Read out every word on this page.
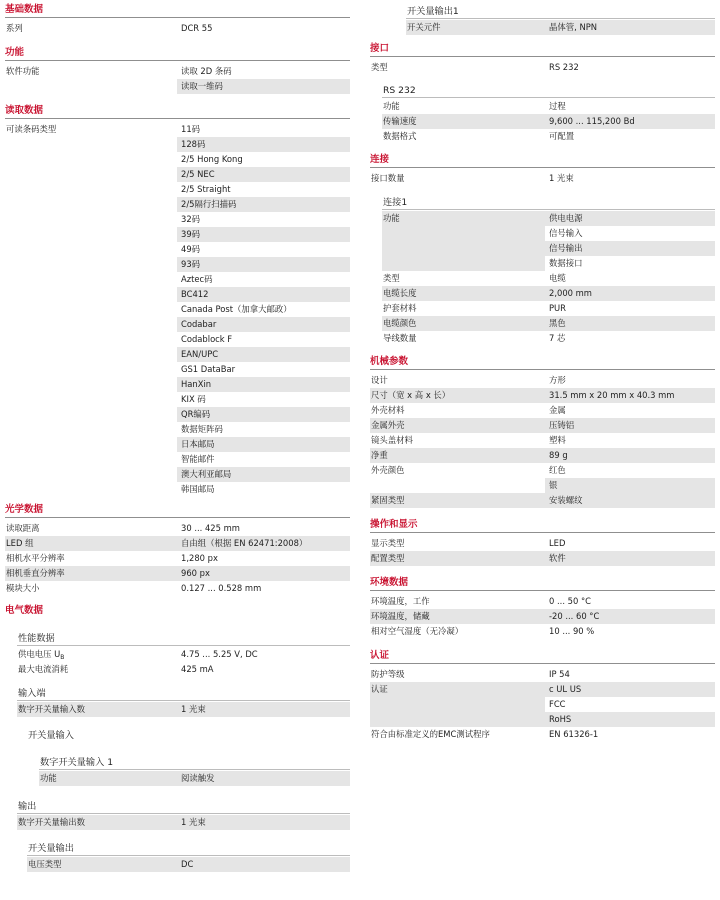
基础数据
系列	DCR 55
功能
软件功能	读取 2D 条码
读取一维码
读取数据
可读条码类型	11码
128码
2/5 Hong Kong
2/5 NEC
2/5 Straight
2/5隔行扫描码
32码
39码
49码
93码
Aztec码
BC412
Canada Post（加拿大邮政）
Codabar
Codablock F
EAN/UPC
GS1 DataBar
HanXin
KIX 码
QR编码
数据矩阵码
日本邮局
智能邮件
澳大利亚邮局
韩国邮局
光学数据
读取距离	30 ... 425 mm
LED 组	自由组（根据 EN 62471:2008）
相机水平分辨率	1,280 px
相机垂直分辨率	960 px
模块大小	0.127 ... 0.528 mm
电气数据
性能数据
供电电压 $U_B$	4.75 ... 5.25 V, DC
最大电流消耗	425 mA
输入端
数字开关量输入数	1 光束
开关量输入
数字开关量输入 1
功能	阅读触发
输出
数字开关量输出数	1 光束
开关量输出
电压类型	DC
开关量输出1
开关元件	晶体管, NPN
接口
类型	RS 232
RS 232
功能	过程
传输速度	9,600 ... 115,200 Bd
数据格式	可配置
连接
接口数量	1 光束
连接1
功能	供电电源
信号输入
信号输出
数据接口
类型	电缆
电缆长度	2,000 mm
护套材料	PUR
电缆颜色	黑色
导线数量	7 芯
机械参数
设计	方形
尺寸（宽 x 高 x 长）	31.5 mm x 20 mm x 40.3 mm
外壳材料	金属
金属外壳	压铸铝
镜头盖材料	塑料
净重	89 g
外壳颜色	红色
银
紧固类型	安装螺纹
操作和显示
显示类型	LED
配置类型	软件
环境数据
环境温度，工作	0 ... 50 °C
环境温度，储藏	-20 ... 60 °C
相对空气湿度（无冷凝）	10 ... 90 %
认证
防护等级	IP 54
认证	c UL US
FCC
RoHS
符合由标准定义的EMC测试程序	EN 61326-1
